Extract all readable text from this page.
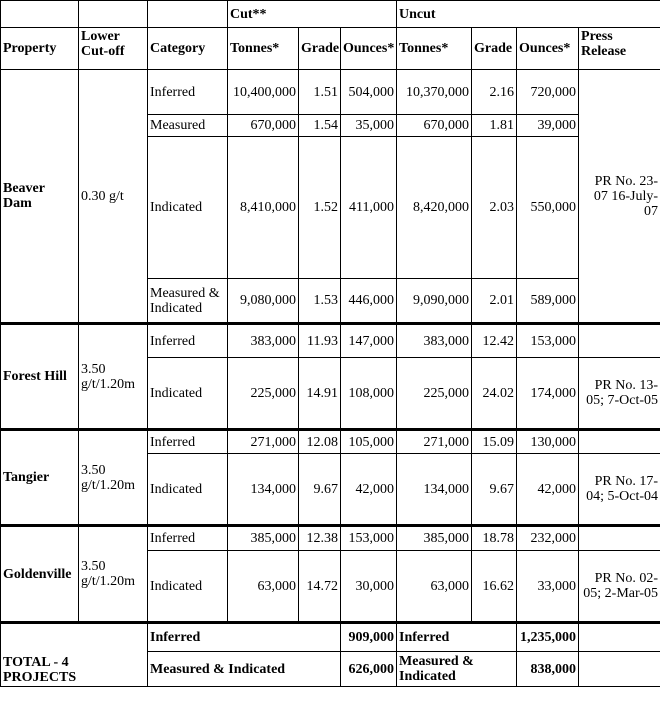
			Cut**			Uncut			
Property	Lower Cut-off	Category	Tonnes*	Grade	Ounces*	Tonnes*	Grade	Ounces*	Press Release
Beaver Dam	0.30 g/t	Inferred	10,400,000	1.51	504,000	10,370,000	2.16	720,000	PR No. 23-07 16-July-07
		Measured	670,000	1.54	35,000	670,000	1.81	39,000	
		Indicated	8,410,000	1.52	411,000	8,420,000	2.03	550,000	
		Measured & Indicated	9,080,000	1.53	446,000	9,090,000	2.01	589,000	
Forest Hill	3.50 g/t/1.20m	Inferred	383,000	11.93	147,000	383,000	12.42	153,000	
		Indicated	225,000	14.91	108,000	225,000	24.02	174,000	PR No. 13-05; 7-Oct-05
Tangier	3.50 g/t/1.20m	Inferred	271,000	12.08	105,000	271,000	15.09	130,000	
		Indicated	134,000	9.67	42,000	134,000	9.67	42,000	PR No. 17-04; 5-Oct-04
Goldenville	3.50 g/t/1.20m	Inferred	385,000	12.38	153,000	385,000	18.78	232,000	
		Indicated	63,000	14.72	30,000	63,000	16.62	33,000	PR No. 02-05; 2-Mar-05
TOTAL - 4 PROJECTS		Inferred			909,000	Inferred		1,235,000	
		Measured & Indicated			626,000	Measured & Indicated		838,000	
